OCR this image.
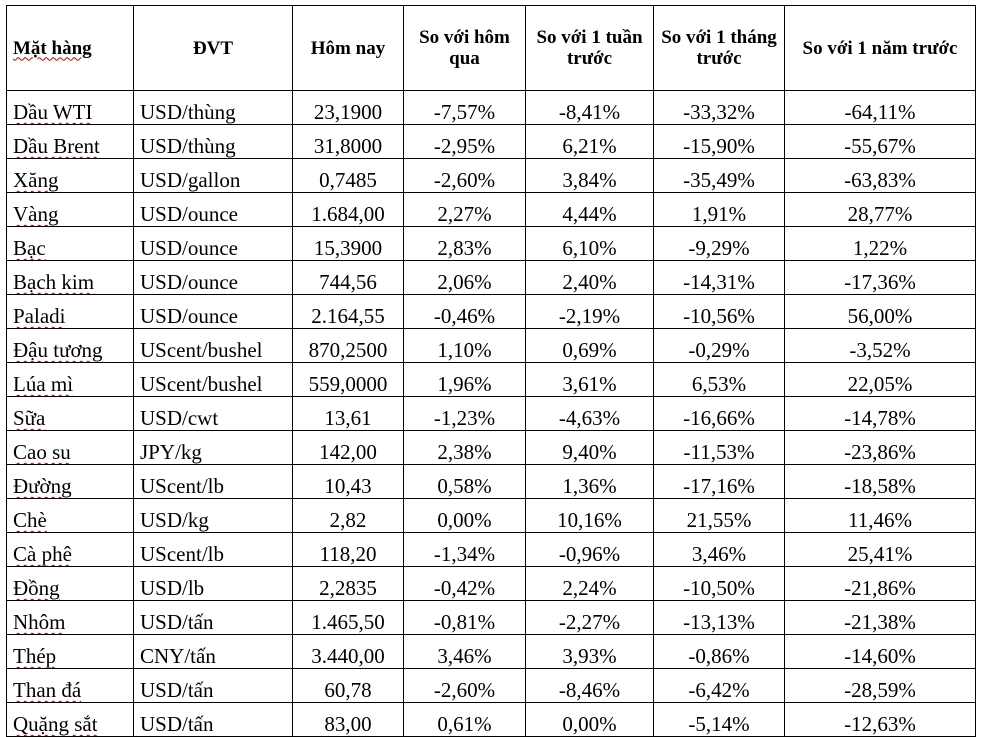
Mặt hàng	ĐVT	Hôm nay	So với hôm qua	So với 1 tuần trước	So với 1 tháng trước	So với 1 năm trước
Dầu WTI	USD/thùng	23,1900	-7,57%	-8,41%	-33,32%	-64,11%
Dầu Brent	USD/thùng	31,8000	-2,95%	6,21%	-15,90%	-55,67%
Xăng	USD/gallon	0,7485	-2,60%	3,84%	-35,49%	-63,83%
Vàng	USD/ounce	1.684,00	2,27%	4,44%	1,91%	28,77%
Bạc	USD/ounce	15,3900	2,83%	6,10%	-9,29%	1,22%
Bạch kim	USD/ounce	744,56	2,06%	2,40%	-14,31%	-17,36%
Paladi	USD/ounce	2.164,55	-0,46%	-2,19%	-10,56%	56,00%
Đậu tương	UScent/bushel	870,2500	1,10%	0,69%	-0,29%	-3,52%
Lúa mì	UScent/bushel	559,0000	1,96%	3,61%	6,53%	22,05%
Sữa	USD/cwt	13,61	-1,23%	-4,63%	-16,66%	-14,78%
Cao su	JPY/kg	142,00	2,38%	9,40%	-11,53%	-23,86%
Đường	UScent/lb	10,43	0,58%	1,36%	-17,16%	-18,58%
Chè	USD/kg	2,82	0,00%	10,16%	21,55%	11,46%
Cà phê	UScent/lb	118,20	-1,34%	-0,96%	3,46%	25,41%
Đồng	USD/lb	2,2835	-0,42%	2,24%	-10,50%	-21,86%
Nhôm	USD/tấn	1.465,50	-0,81%	-2,27%	-13,13%	-21,38%
Thép	CNY/tấn	3.440,00	3,46%	3,93%	-0,86%	-14,60%
Than đá	USD/tấn	60,78	-2,60%	-8,46%	-6,42%	-28,59%
Quặng sắt	USD/tấn	83,00	0,61%	0,00%	-5,14%	-12,63%
